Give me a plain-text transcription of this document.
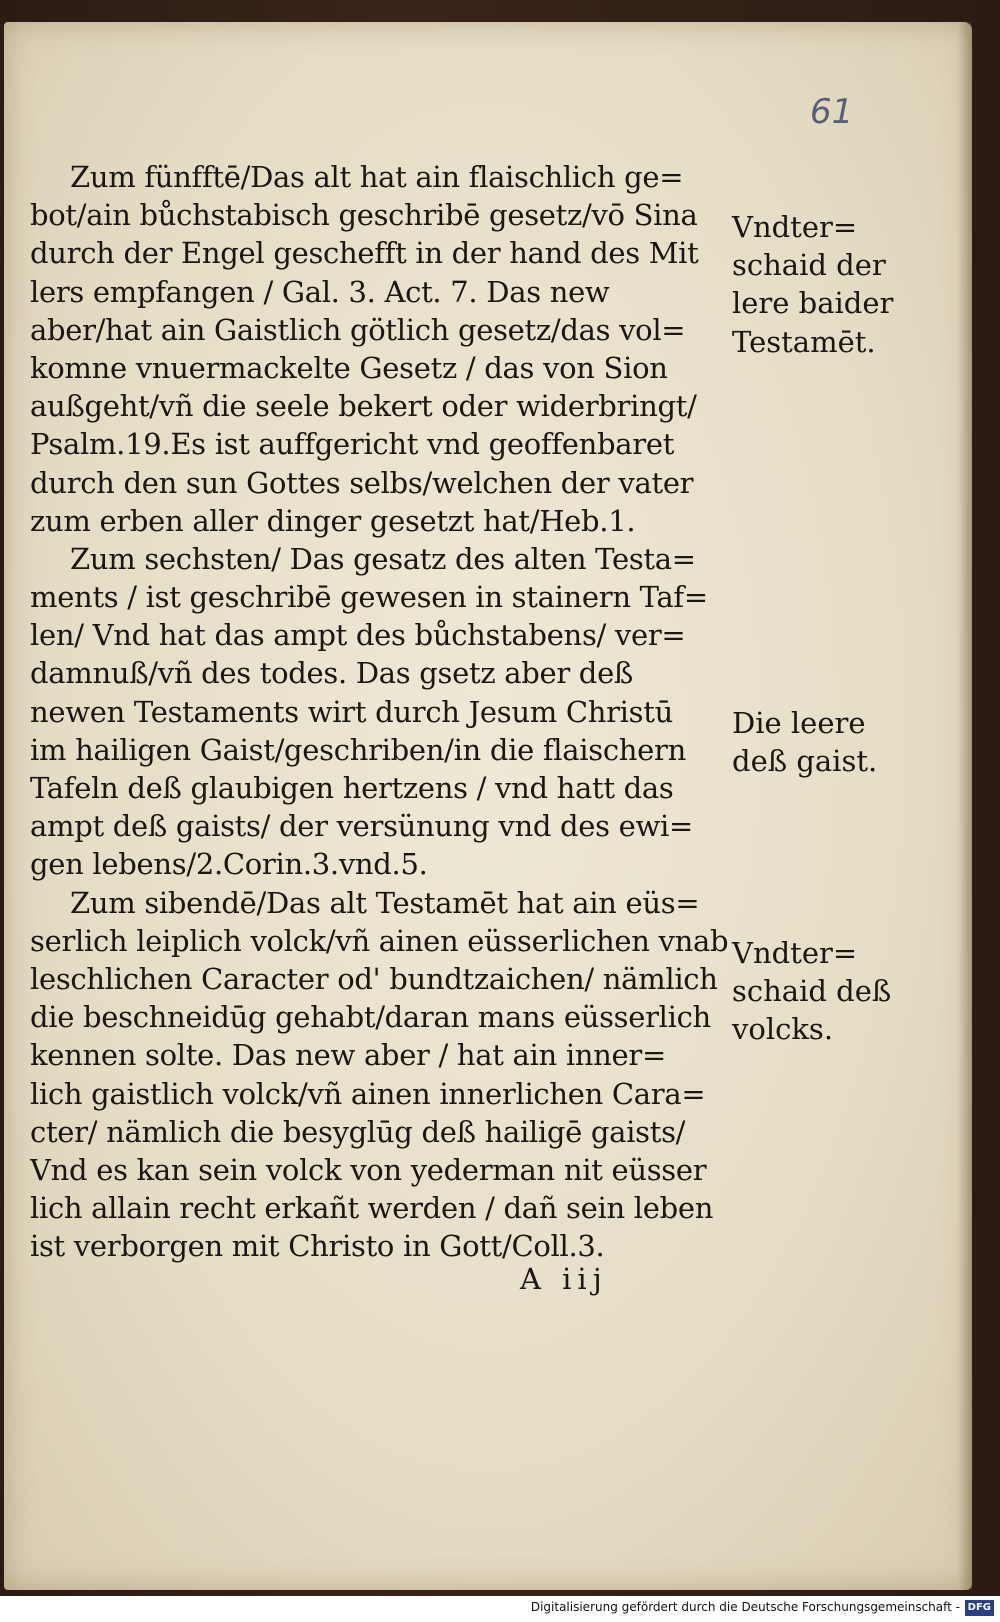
61
Zum fünfftē/Das alt hat ain flaischlich ge=
bot/ain bůchstabisch geschribē gesetz/vō Sina
durch der Engel geschefft in der hand des Mit
lers empfangen / Gal. 3. Act. 7. Das new
aber/hat ain Gaistlich götlich gesetz/das vol=
komne vnuermackelte Gesetz / das von Sion
außgeht/vñ die seele bekert oder widerbringt/
Psalm.19.Es ist auffgericht vnd geoffenbaret
durch den sun Gottes selbs/welchen der vater
zum erben aller dinger gesetzt hat/Heb.1.
Zum sechsten/ Das gesatz des alten Testa=
ments / ist geschribē gewesen in stainern Taf=
len/ Vnd hat das ampt des bůchstabens/ ver=
damnuß/vñ des todes. Das gsetz aber deß
newen Testaments wirt durch Jesum Christū
im hailigen Gaist/geschriben/in die flaischern
Tafeln deß glaubigen hertzens / vnd hatt das
ampt deß gaists/ der versünung vnd des ewi=
gen lebens/2.Corin.3.vnd.5.
Zum sibendē/Das alt Testamēt hat ain eüs=
serlich leiplich volck/vñ ainen eüsserlichen vnab
leschlichen Caracter od' bundtzaichen/ nämlich
die beschneidūg gehabt/daran mans eüsserlich
kennen solte. Das new aber / hat ain inner=
lich gaistlich volck/vñ ainen innerlichen Cara=
cter/ nämlich die besyglūg deß hailigē gaists/
Vnd es kan sein volck von yederman nit eüsser
lich allain recht erkañt werden / dañ sein leben
ist verborgen mit Christo in Gott/Coll.3.
Vndter=
schaid der
lere baider
Testamēt.
Die leere
deß gaist.
Vndter=
schaid deß
volcks.
A iij
Digitalisierung gefördert durch die Deutsche Forschungsgemeinschaft - DFG
